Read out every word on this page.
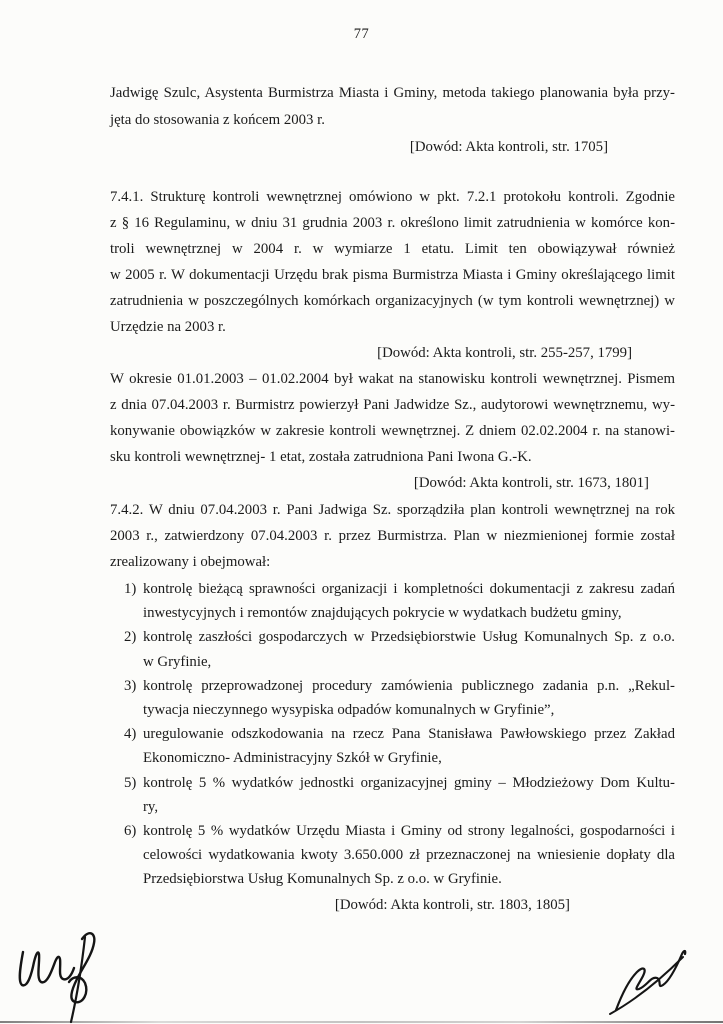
77
Jadwigę Szulc, Asystenta Burmistrza Miasta i Gminy, metoda takiego planowania była przy-
jęta do stosowania z końcem 2003 r.
[Dowód: Akta kontroli, str. 1705]
7.4.1. Strukturę kontroli wewnętrznej omówiono w pkt. 7.2.1 protokołu kontroli. Zgodnie
z § 16 Regulaminu, w dniu 31 grudnia 2003 r. określono limit zatrudnienia w komórce kon-
troli wewnętrznej w 2004 r. w wymiarze 1 etatu. Limit ten obowiązywał również
w 2005 r. W dokumentacji Urzędu brak pisma Burmistrza Miasta i Gminy określającego limit
zatrudnienia w poszczególnych komórkach organizacyjnych (w tym kontroli wewnętrznej) w
Urzędzie na 2003 r.
[Dowód: Akta kontroli, str. 255-257, 1799]
W okresie 01.01.2003 – 01.02.2004 był wakat na stanowisku kontroli wewnętrznej. Pismem
z dnia 07.04.2003 r. Burmistrz powierzył Pani Jadwidze Sz., audytorowi wewnętrznemu, wy-
konywanie obowiązków w zakresie kontroli wewnętrznej. Z dniem 02.02.2004 r. na stanowi-
sku kontroli wewnętrznej- 1 etat, została zatrudniona Pani Iwona G.-K.
[Dowód: Akta kontroli, str. 1673, 1801]
7.4.2. W dniu 07.04.2003 r. Pani Jadwiga Sz. sporządziła plan kontroli wewnętrznej na rok
2003 r., zatwierdzony 07.04.2003 r. przez Burmistrza. Plan w niezmienionej formie został
zrealizowany i obejmował:
1) kontrolę bieżącą sprawności organizacji i kompletności dokumentacji z zakresu zadań
inwestycyjnych i remontów znajdujących pokrycie w wydatkach budżetu gminy,
2) kontrolę zaszłości gospodarczych w Przedsiębiorstwie Usług Komunalnych Sp. z o.o.
w Gryfinie,
3) kontrolę przeprowadzonej procedury zamówienia publicznego zadania p.n. „Rekul-
tywacja nieczynnego wysypiska odpadów komunalnych w Gryfinie”,
4) uregulowanie odszkodowania na rzecz Pana Stanisława Pawłowskiego przez Zakład
Ekonomiczno- Administracyjny Szkół w Gryfinie,
5) kontrolę 5 % wydatków jednostki organizacyjnej gminy – Młodzieżowy Dom Kultu-
ry,
6) kontrolę 5 % wydatków Urzędu Miasta i Gminy od strony legalności, gospodarności i
celowości wydatkowania kwoty 3.650.000 zł przeznaczonej na wniesienie dopłaty dla
Przedsiębiorstwa Usług Komunalnych Sp. z o.o. w Gryfinie.
[Dowód: Akta kontroli, str. 1803, 1805]
